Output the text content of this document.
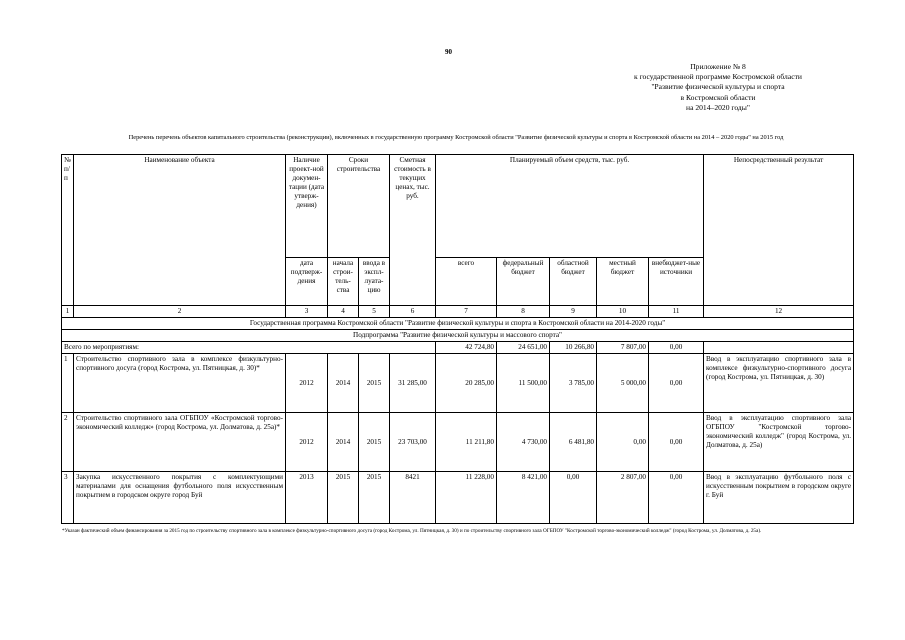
90
Приложение № 8
к государственной программе Костромской области
"Развитие физической культуры и спорта
в Костромской области
на 2014–2020 годы"
Перечень перечень объектов капитального строительства (реконструкции), включенных в государственную программу Костромской области "Развитие физической культуры и спорта в Костромской области на 2014 – 2020 годы" на 2015 год
№ п/п	Наименование объекта	Наличие проект-ной докумен-тации (дата утверж-дения)	Сроки строительства		Сметная стоимость в текущих ценах, тыс. руб.	Планируемый объем средств, тыс. руб.					Непосредственный результат
		дата подтверж-дения	начала строи-тель-ства	ввода в экспл-луата-цию		всего	федеральный бюджет	областной бюджет	местный бюджет	внебюджет-ные источники	
1	2	3	4	5	6	7	8	9	10	11	12
Государственная программа Костромской области "Развитие физической культуры и спорта в Костромской области на 2014-2020 годы"											
Подпрограмма "Развитие физической культуры и массового спорта"											
Всего по мероприятиям:						42 724,80	24 651,00	10 266,80	7 807,00	0,00	
1	Строительство спортивного зала в комплексе физкультурно-спортивного досуга (город Кострома, ул. Пятницкая, д. 30)*	2012	2014	2015	31 285,00	20 285,00	11 500,00	3 785,00	5 000,00	0,00	Ввод в эксплуатацию спортивного зала в комплексе физкультурно-спортивного досуга (город Кострома, ул. Пятницкая, д. 30)
2	Строительство спортивного зала ОГБПОУ «Костромской торгово-экономический колледж» (город Кострома, ул. Долматова, д. 25а)*	2012	2014	2015	23 703,00	11 211,80	4 730,00	6 481,80	0,00	0,00	Ввод в эксплуатацию спортивного зала ОГБПОУ "Костромской торгово-экономический колледж" (город Кострома, ул. Долматова, д. 25а)
3	Закупка искусственного покрытия с комплектующими материалами для оснащения футбольного поля искусственным покрытием в городском округе город Буй	2013	2015	2015	8421	11 228,00	8 421,00	0,00	2 807,00	0,00	Ввод в эксплуатацию футбольного поля с искусственным покрытием в городском округе г. Буй
*Указан фактический объем финансирования за 2015 год по строительству спортивного зала в комплексе физкультурно-спортивного досуга (город Кострома, ул. Пятницкая, д. 30) и по строительству спортивного зала ОГБПОУ "Костромской торгово-экономический колледж" (город Кострома, ул. Долматова, д. 25а).
